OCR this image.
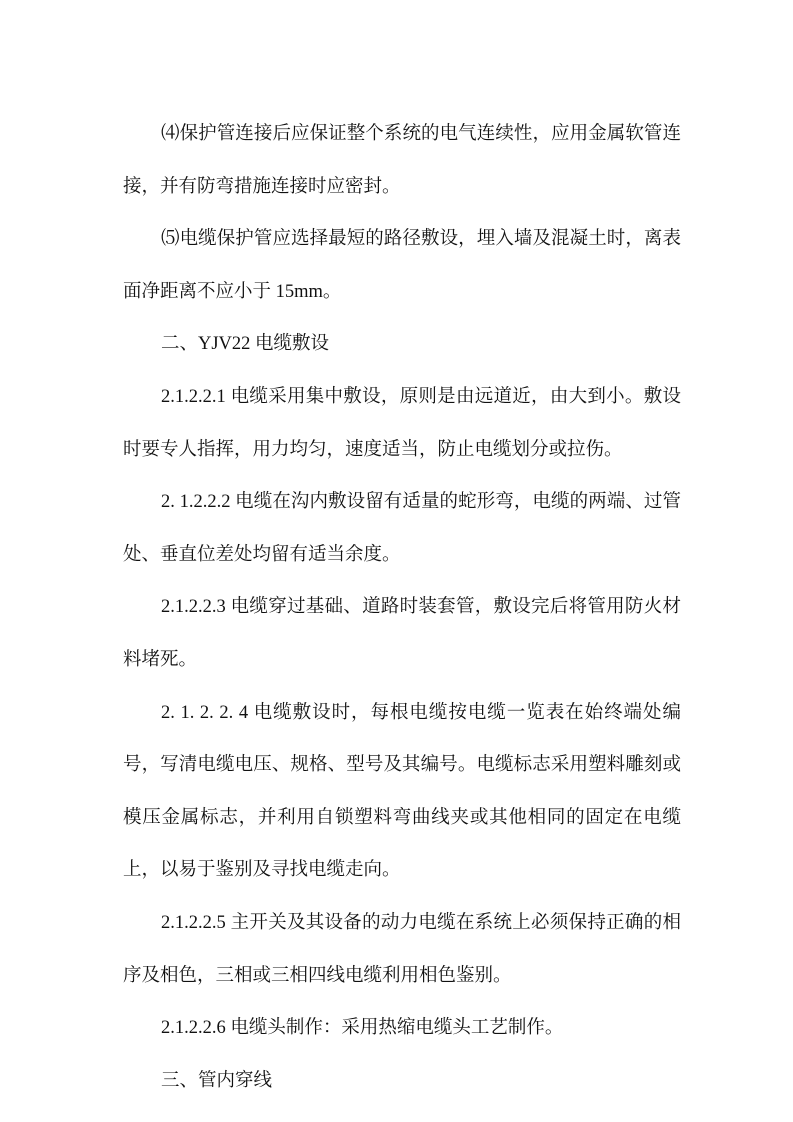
⑷保护管连接后应保证整个系统的电气连续性，应用金属软管连接，并有防弯措施连接时应密封。

⑸电缆保护管应选择最短的路径敷设，埋入墙及混凝土时，离表面净距离不应小于 15mm。

二、YJV22 电缆敷设

2.1.2.2.1 电缆采用集中敷设，原则是由远道近，由大到小。敷设时要专人指挥，用力均匀，速度适当，防止电缆划分或拉伤。

2. 1.2.2.2 电缆在沟内敷设留有适量的蛇形弯，电缆的两端、过管处、垂直位差处均留有适当余度。

2.1.2.2.3 电缆穿过基础、道路时装套管，敷设完后将管用防火材料堵死。

2. 1. 2. 2. 4 电缆敷设时，每根电缆按电缆一览表在始终端处编号，写清电缆电压、规格、型号及其编号。电缆标志采用塑料雕刻或模压金属标志，并利用自锁塑料弯曲线夹或其他相同的固定在电缆上，以易于鉴别及寻找电缆走向。

2.1.2.2.5 主开关及其设备的动力电缆在系统上必须保持正确的相序及相色，三相或三相四线电缆利用相色鉴别。

2.1.2.2.6 电缆头制作：采用热缩电缆头工艺制作。

三、管内穿线
